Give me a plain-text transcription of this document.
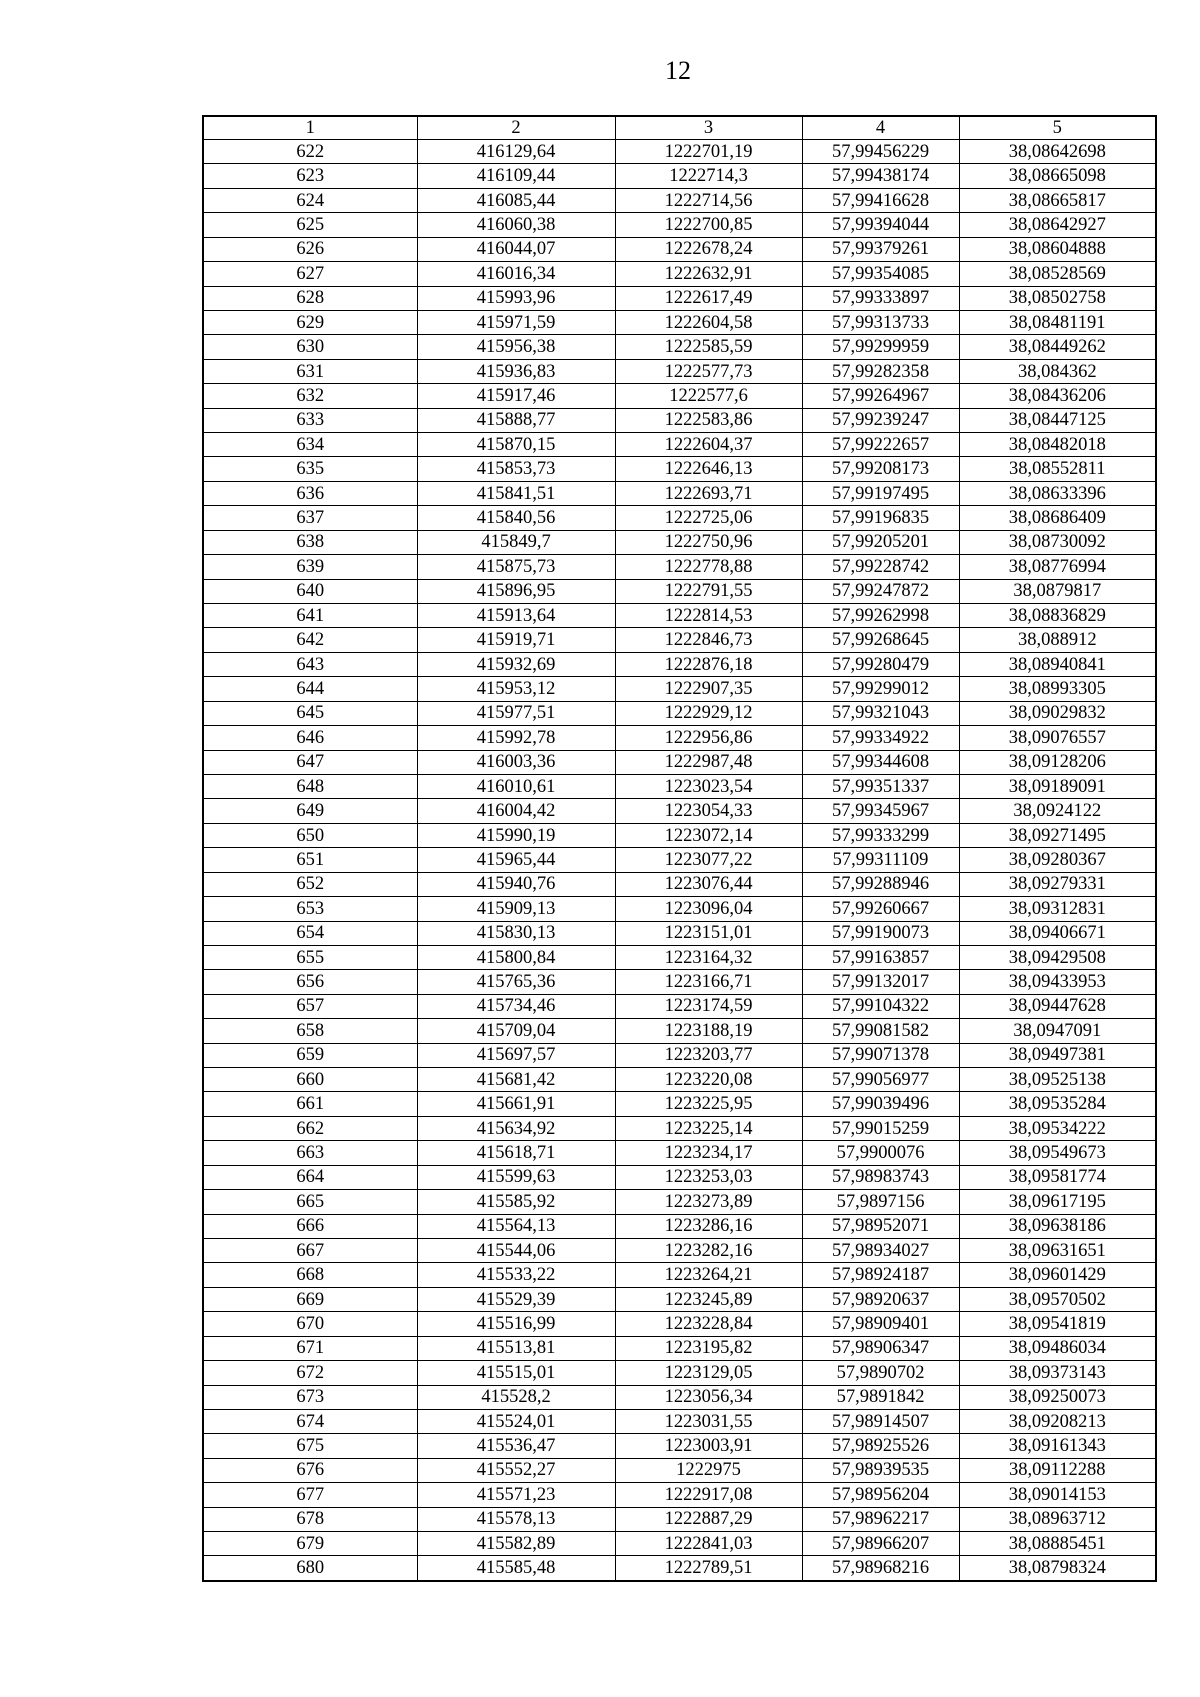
12
1	2	3	4	5
622	416129,64	1222701,19	57,99456229	38,08642698
623	416109,44	1222714,3	57,99438174	38,08665098
624	416085,44	1222714,56	57,99416628	38,08665817
625	416060,38	1222700,85	57,99394044	38,08642927
626	416044,07	1222678,24	57,99379261	38,08604888
627	416016,34	1222632,91	57,99354085	38,08528569
628	415993,96	1222617,49	57,99333897	38,08502758
629	415971,59	1222604,58	57,99313733	38,08481191
630	415956,38	1222585,59	57,99299959	38,08449262
631	415936,83	1222577,73	57,99282358	38,084362
632	415917,46	1222577,6	57,99264967	38,08436206
633	415888,77	1222583,86	57,99239247	38,08447125
634	415870,15	1222604,37	57,99222657	38,08482018
635	415853,73	1222646,13	57,99208173	38,08552811
636	415841,51	1222693,71	57,99197495	38,08633396
637	415840,56	1222725,06	57,99196835	38,08686409
638	415849,7	1222750,96	57,99205201	38,08730092
639	415875,73	1222778,88	57,99228742	38,08776994
640	415896,95	1222791,55	57,99247872	38,0879817
641	415913,64	1222814,53	57,99262998	38,08836829
642	415919,71	1222846,73	57,99268645	38,088912
643	415932,69	1222876,18	57,99280479	38,08940841
644	415953,12	1222907,35	57,99299012	38,08993305
645	415977,51	1222929,12	57,99321043	38,09029832
646	415992,78	1222956,86	57,99334922	38,09076557
647	416003,36	1222987,48	57,99344608	38,09128206
648	416010,61	1223023,54	57,99351337	38,09189091
649	416004,42	1223054,33	57,99345967	38,0924122
650	415990,19	1223072,14	57,99333299	38,09271495
651	415965,44	1223077,22	57,99311109	38,09280367
652	415940,76	1223076,44	57,99288946	38,09279331
653	415909,13	1223096,04	57,99260667	38,09312831
654	415830,13	1223151,01	57,99190073	38,09406671
655	415800,84	1223164,32	57,99163857	38,09429508
656	415765,36	1223166,71	57,99132017	38,09433953
657	415734,46	1223174,59	57,99104322	38,09447628
658	415709,04	1223188,19	57,99081582	38,0947091
659	415697,57	1223203,77	57,99071378	38,09497381
660	415681,42	1223220,08	57,99056977	38,09525138
661	415661,91	1223225,95	57,99039496	38,09535284
662	415634,92	1223225,14	57,99015259	38,09534222
663	415618,71	1223234,17	57,9900076	38,09549673
664	415599,63	1223253,03	57,98983743	38,09581774
665	415585,92	1223273,89	57,9897156	38,09617195
666	415564,13	1223286,16	57,98952071	38,09638186
667	415544,06	1223282,16	57,98934027	38,09631651
668	415533,22	1223264,21	57,98924187	38,09601429
669	415529,39	1223245,89	57,98920637	38,09570502
670	415516,99	1223228,84	57,98909401	38,09541819
671	415513,81	1223195,82	57,98906347	38,09486034
672	415515,01	1223129,05	57,9890702	38,09373143
673	415528,2	1223056,34	57,9891842	38,09250073
674	415524,01	1223031,55	57,98914507	38,09208213
675	415536,47	1223003,91	57,98925526	38,09161343
676	415552,27	1222975	57,98939535	38,09112288
677	415571,23	1222917,08	57,98956204	38,09014153
678	415578,13	1222887,29	57,98962217	38,08963712
679	415582,89	1222841,03	57,98966207	38,08885451
680	415585,48	1222789,51	57,98968216	38,08798324
